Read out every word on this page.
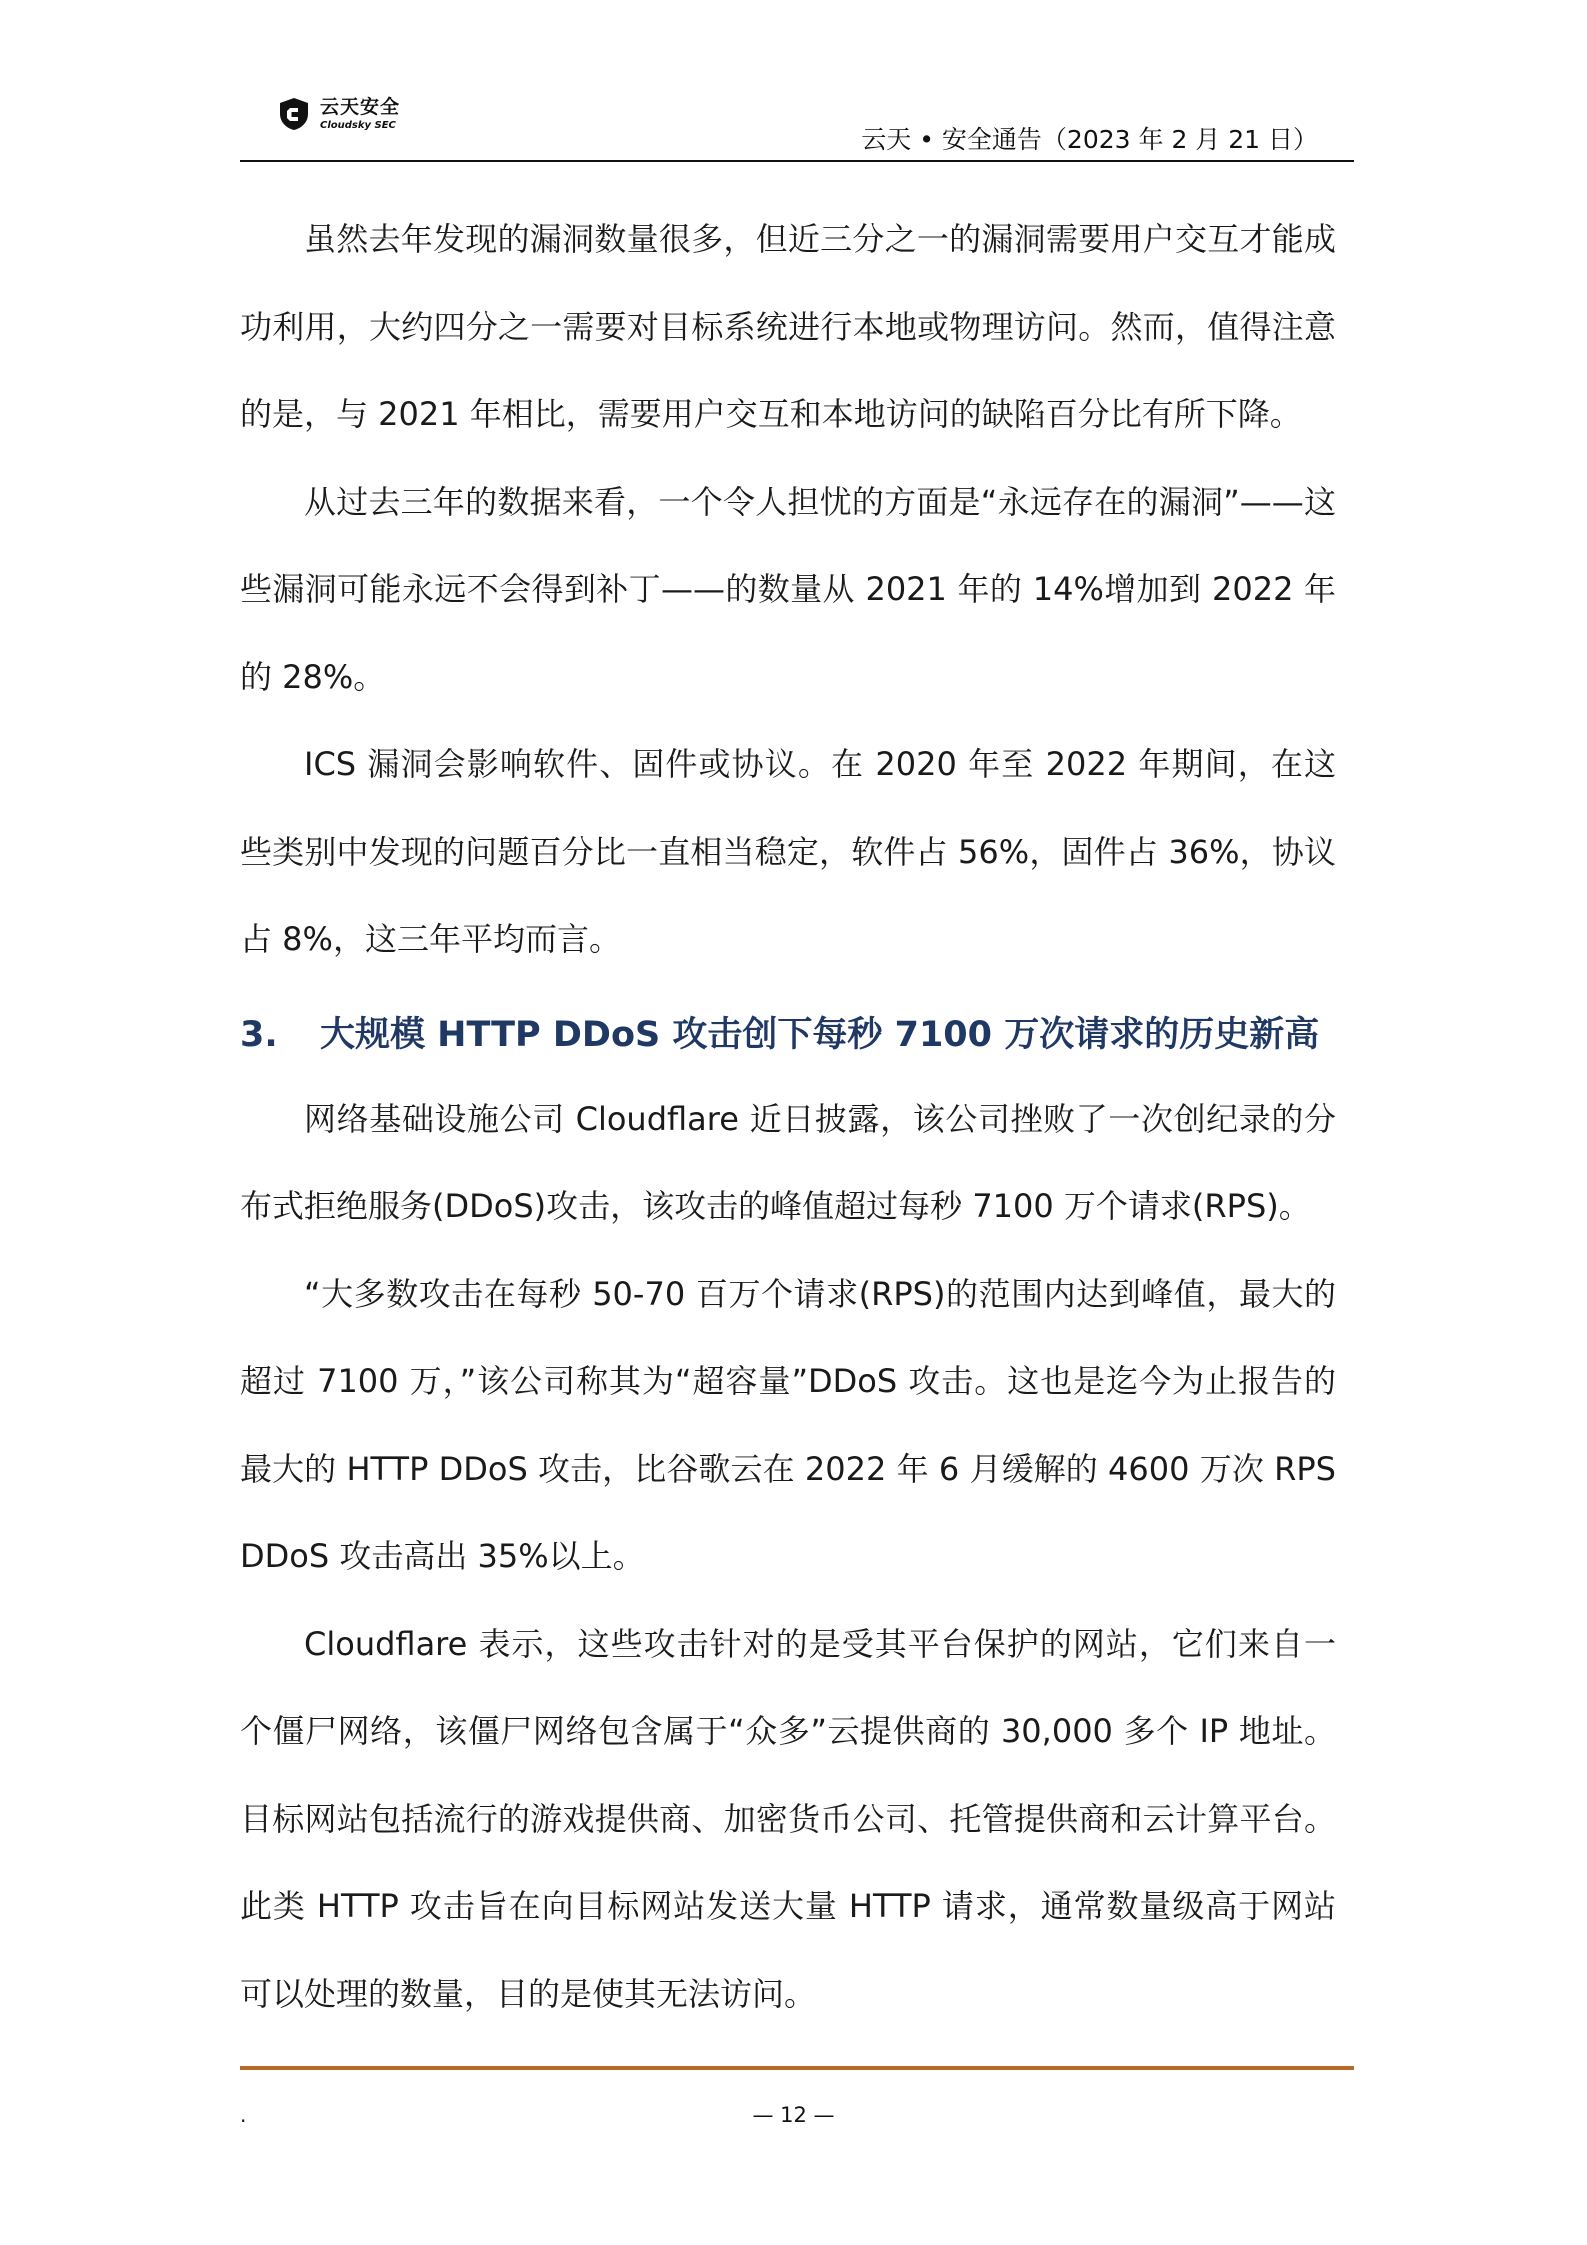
云天安全
Cloudsky SEC	云天 • 安全通告（2023 年 2 月 21 日）

虽然去年发现的漏洞数量很多，但近三分之一的漏洞需要用户交互才能成功利用，大约四分之一需要对目标系统进行本地或物理访问。然而，值得注意的是，与 2021 年相比，需要用户交互和本地访问的缺陷百分比有所下降。

从过去三年的数据来看，一个令人担忧的方面是“永远存在的漏洞”——这些漏洞可能永远不会得到补丁——的数量从 2021 年的 14%增加到 2022 年的 28%。

ICS 漏洞会影响软件、固件或协议。在 2020 年至 2022 年期间，在这些类别中发现的问题百分比一直相当稳定，软件占 56%，固件占 36%，协议占 8%，这三年平均而言。

3. 大规模 HTTP DDoS 攻击创下每秒 7100 万次请求的历史新高

网络基础设施公司 Cloudflare 近日披露，该公司挫败了一次创纪录的分布式拒绝服务(DDoS)攻击，该攻击的峰值超过每秒 7100 万个请求(RPS)。

“大多数攻击在每秒 50-70 百万个请求(RPS)的范围内达到峰值，最大的超过 7100 万，”该公司称其为“超容量”DDoS 攻击。这也是迄今为止报告的最大的 HTTP DDoS 攻击，比谷歌云在 2022 年 6 月缓解的 4600 万次 RPS DDoS 攻击高出 35%以上。

Cloudflare 表示，这些攻击针对的是受其平台保护的网站，它们来自一个僵尸网络，该僵尸网络包含属于“众多”云提供商的 30,000 多个 IP 地址。目标网站包括流行的游戏提供商、加密货币公司、托管提供商和云计算平台。此类 HTTP 攻击旨在向目标网站发送大量 HTTP 请求，通常数量级高于网站可以处理的数量，目的是使其无法访问。

.	— 12 —
